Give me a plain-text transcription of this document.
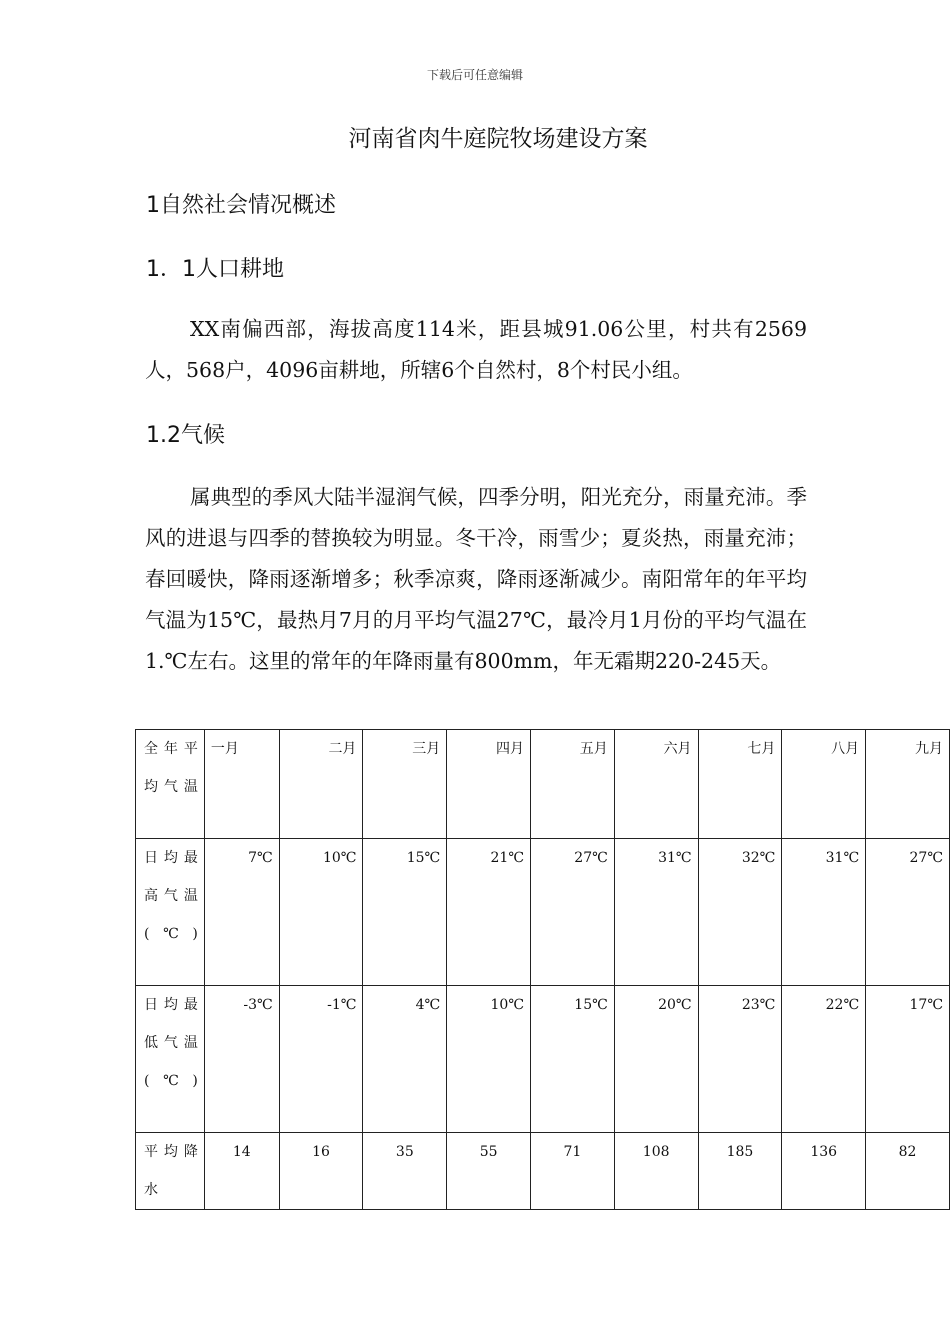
下载后可任意编辑
河南省肉牛庭院牧场建设方案
1自然社会情况概述
1．1人口耕地
XX南偏西部，海拔高度114米，距县城91.06公里，村共有2569人，568户，4096亩耕地，所辖6个自然村，8个村民小组。
1.2气候
属典型的季风大陆半湿润气候，四季分明，阳光充分，雨量充沛。季风的进退与四季的替换较为明显。冬干冷，雨雪少；夏炎热，雨量充沛；春回暖快，降雨逐渐增多；秋季凉爽，降雨逐渐减少。南阳常年的年平均气温为15℃，最热月7月的月平均气温27℃，最冷月1月份的平均气温在1.℃左右。这里的常年的年降雨量有800mm，年无霜期220-245天。
全年平均气温	一月	二月	三月	四月	五月	六月	七月	八月	九月
日均最高气温(℃)	7℃	10℃	15℃	21℃	27℃	31℃	32℃	31℃	27℃
日均最低气温(℃)	-3℃	-1℃	4℃	10℃	15℃	20℃	23℃	22℃	17℃
平均降水	14	16	35	55	71	108	185	136	82
